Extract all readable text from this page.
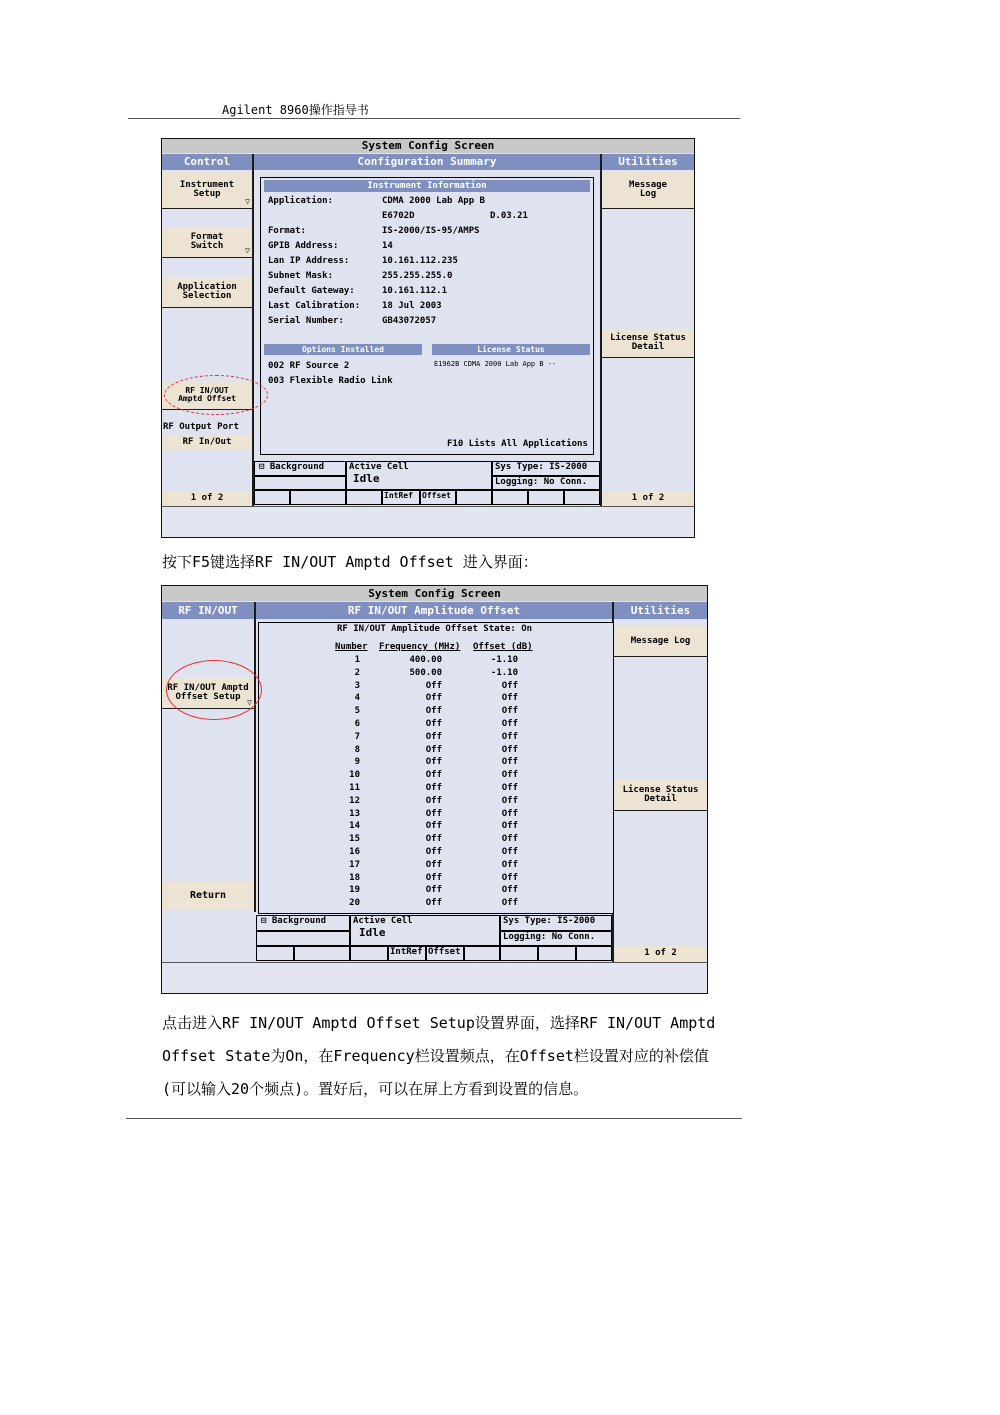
Agilent 8960操作指导书
System Config Screen
Control	Configuration Summary	Utilities
Instrument Setup
▽
Format Switch	▽
Application Selection
RF IN/OUT Amptd Offset
RF Output Port
RF In/Out
1 of 2
Message Log
License Status Detail
1 of 2
Instrument Information
Application:	CDMA 2000 Lab App B
E6702D	D.03.21
Format:	IS-2000/IS-95/AMPS
GPIB Address:	14
Lan IP Address:	10.161.112.235
Subnet Mask:	255.255.255.0
Default Gateway:	10.161.112.1
Last Calibration: 18 Jul 2003
Serial Number:	GB43072057
Options Installed	License Status
002 RF Source 2
003 Flexible Radio Link
E1962B CDMA 2000 Lab App B --
F10 Lists All Applications
⊟ Background	Active Cell
Idle
Sys Type: IS-2000
Logging: No Conn.
IntRef	Offset
按下F5键选择RF IN/OUT Amptd Offset 进入界面：
System Config Screen
RF IN/OUT	RF IN/OUT Amplitude Offset	Utilities
RF IN/OUT Amptd Offset Setup
▽
Return
Message Log
License Status Detail
1 of 2
RF IN/OUT Amplitude Offset State: On
Number Frequency (MHz) Offset (dB)
1	400.00	-1.10
2	500.00	-1.10
3	Off	Off
4	Off	Off
5	Off	Off
6	Off	Off
7	Off	Off
8	Off	Off
9	Off	Off
10	Off	Off
11	Off	Off
12	Off	Off
13	Off	Off
14	Off	Off
15	Off	Off
16	Off	Off
17	Off	Off
18	Off	Off
19	Off	Off
20	Off	Off
⊟ Background	Active Cell
Idle
Sys Type: IS-2000
Logging: No Conn.
IntRef Offset
点击进入RF IN/OUT Amptd Offset Setup设置界面，选择RF IN/OUT Amptd
Offset State为On，在Frequency栏设置频点，在Offset栏设置对应的补偿值
(可以输入20个频点)。置好后，可以在屏上方看到设置的信息。
